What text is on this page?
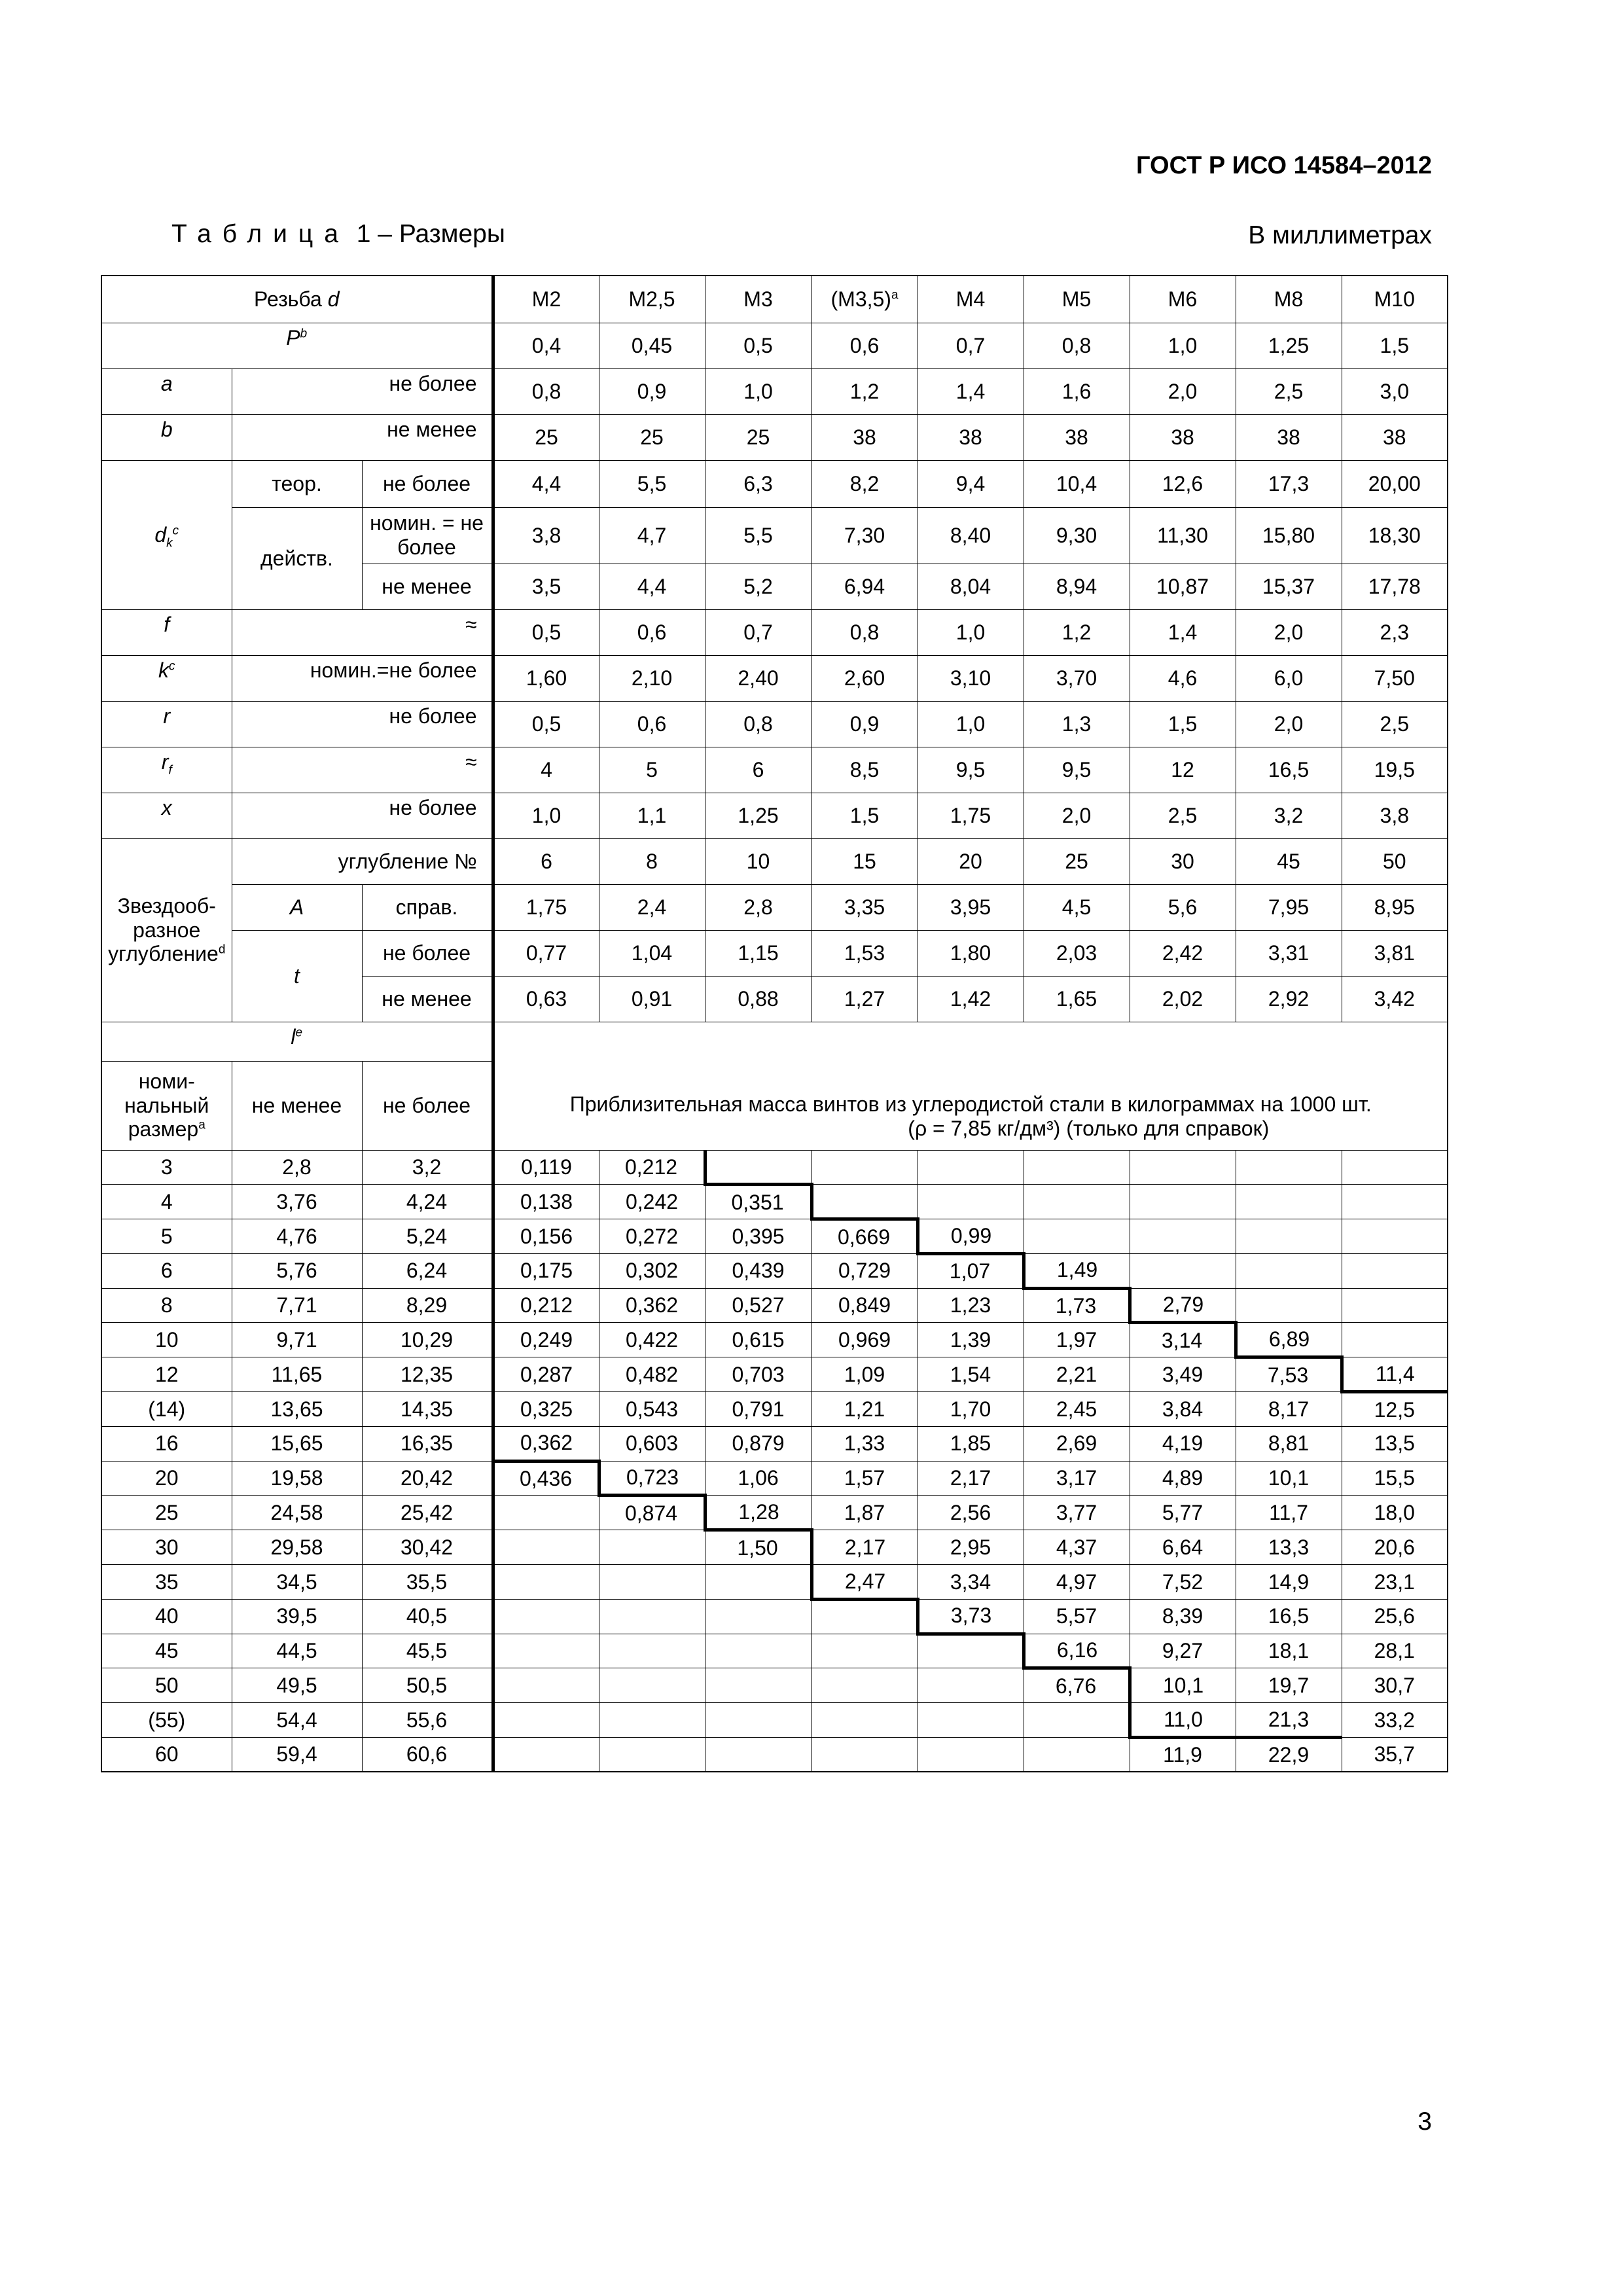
ГОСТ Р ИСО 14584–2012
Таблица 1 – Размеры	В миллиметрах
Резьба d			M2	M2,5	M3	$(M3,5)^a$	M4	M5	M6	M8	M10
$P^b$			0,4	0,45	0,5	0,6	0,7	0,8	1,0	1,25	1,5
a	не более		0,8	0,9	1,0	1,2	1,4	1,6	2,0	2,5	3,0
b	не менее		25	25	25	38	38	38	38	38	38
$d_k^c$	теор.	не более	4,4	5,5	6,3	8,2	9,4	10,4	12,6	17,3	20,00
	действ.	номин. = не более	3,8	4,7	5,5	7,30	8,40	9,30	11,30	15,80	18,30
		не менее	3,5	4,4	5,2	6,94	8,04	8,94	10,87	15,37	17,78
f	≈		0,5	0,6	0,7	0,8	1,0	1,2	1,4	2,0	2,3
$k^c$	номин.=не более		1,60	2,10	2,40	2,60	3,10	3,70	4,6	6,0	7,50
r	не более		0,5	0,6	0,8	0,9	1,0	1,3	1,5	2,0	2,5
$r_f$	≈		4	5	6	8,5	9,5	9,5	12	16,5	19,5
x	не более		1,0	1,1	1,25	1,5	1,75	2,0	2,5	3,2	3,8
Звездооб-разное углубление$^d$	углубление №		6	8	10	15	20	25	30	45	50
	A	справ.	1,75	2,4	2,8	3,35	3,95	4,5	5,6	7,95	8,95
	t	не более	0,77	1,04	1,15	1,53	1,80	2,03	2,42	3,31	3,81
		не менее	0,63	0,91	0,88	1,27	1,42	1,65	2,02	2,92	3,42
$l^e$			Приблизительная масса винтов из углеродистой стали в килограммах на 1000 шт.
(ρ = 7,85 кг/дм³) (только для справок)								

номи-нальный размер$^a$	не менее	не более									
3	2,8	3,2	0,119	0,212							
4	3,76	4,24	0,138	0,242	0,351						
5	4,76	5,24	0,156	0,272	0,395	0,669	0,99				
6	5,76	6,24	0,175	0,302	0,439	0,729	1,07	1,49			
8	7,71	8,29	0,212	0,362	0,527	0,849	1,23	1,73	2,79		
10	9,71	10,29	0,249	0,422	0,615	0,969	1,39	1,97	3,14	6,89	
12	11,65	12,35	0,287	0,482	0,703	1,09	1,54	2,21	3,49	7,53	11,4
(14)	13,65	14,35	0,325	0,543	0,791	1,21	1,70	2,45	3,84	8,17	12,5
16	15,65	16,35	0,362	0,603	0,879	1,33	1,85	2,69	4,19	8,81	13,5
20	19,58	20,42	0,436	0,723	1,06	1,57	2,17	3,17	4,89	10,1	15,5
25	24,58	25,42		0,874	1,28	1,87	2,56	3,77	5,77	11,7	18,0
30	29,58	30,42			1,50	2,17	2,95	4,37	6,64	13,3	20,6
35	34,5	35,5				2,47	3,34	4,97	7,52	14,9	23,1
40	39,5	40,5					3,73	5,57	8,39	16,5	25,6
45	44,5	45,5						6,16	9,27	18,1	28,1
50	49,5	50,5						6,76	10,1	19,7	30,7
(55)	54,4	55,6							11,0	21,3	33,2
60	59,4	60,6							11,9	22,9	35,7
3
